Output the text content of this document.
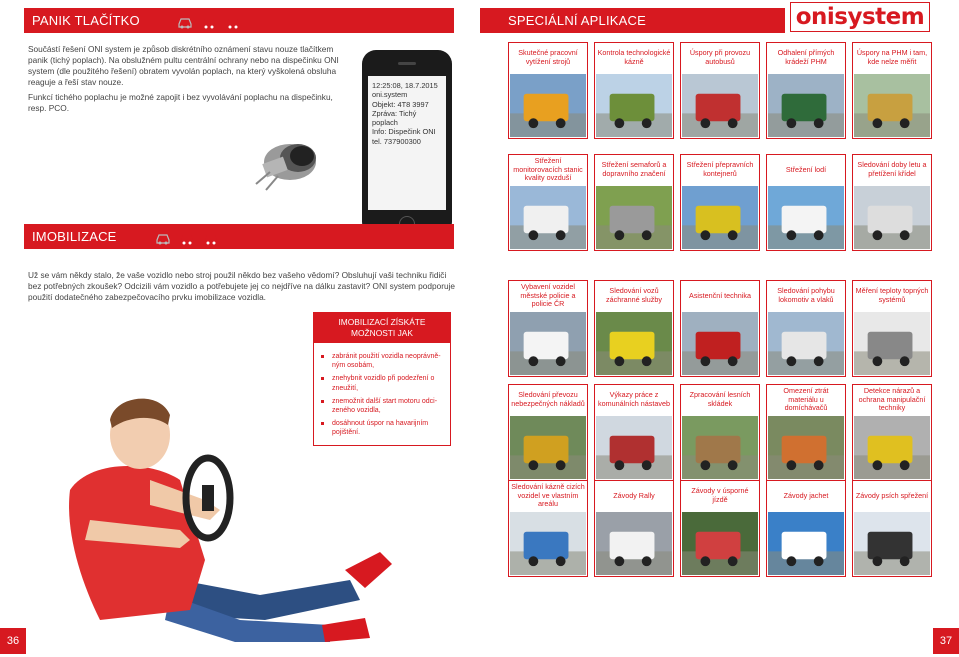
PANIK TLAČÍTKO

Součástí řešení ONI system je způsob diskrétního oznámení stavu nouze tlačítkem panik (tichý poplach). Na obslužném pultu centrální ochrany nebo na dispečinku ONI system (dle použitého řešení) obratem vyvolán poplach, na který vyškolená obsluha reaguje a řeší stav nouze.

Funkcí tichého poplachu je možné zapojit i bez vyvolávání poplachu na dispečinku, resp. PCO.

12:25:08, 18.7.2015
oni.system
Objekt: 4T8 3997
Zpráva: Tichý poplach
Info: Dispečink ONI
tel. 737900300
IMOBILIZACE
Už se vám někdy stalo, že vaše vozidlo nebo stroj použil někdo bez vašeho vědomí? Obsluhují vaši techniku řidiči bez potřebných zkoušek? Odcizili vám vozidlo a potřebujete jej co nejdříve na dálku zastavit? ONI system podporuje použití dodatečného zabezpečovacího prvku imobilizace vozidla.
IMOBILIZACÍ ZÍSKÁTE MOŽNOSTI JAK
zabránit použití vozidla neoprávně-ným osobám,
znehybnit vozidlo při podezření o zneužití,
znemožnit další start motoru odci-zeného vozidla,
dosáhnout úspor na havarijním pojištění.
36
SPECIÁLNÍ APLIKACE	onisystem
Skutečné pracovní vytížení strojů
Kontrola technologické kázně
Úspory při provozu autobusů
Odhalení přímých krádeží PHM
Úspory na PHM i tam, kde nelze měřit
Střežení monitorovacích stanic kvality ovzduší
Střežení semaforů a dopravního značení
Střežení přepravních kontejnerů	Střežení lodí	Sledování doby letu a přetížení křídel
Vybavení vozidel městské policie a policie ČR
Sledování vozů záchranné služby	Asistenční technika	Sledování pohybu lokomotiv a vlaků
Měření teploty topných systémů
Sledování převozu nebezpečných nákladů
Výkazy práce z komunálních nástaveb
Zpracování lesních skládek
Omezení ztrát materiálu u domíchávačů
Detekce nárazů a ochrana manipulační techniky
Sledování kázně cizích vozidel ve vlastním areálu
Závody Rally	Závody v úsporné jízdě	Závody jachet	Závody psích spřežení
37
